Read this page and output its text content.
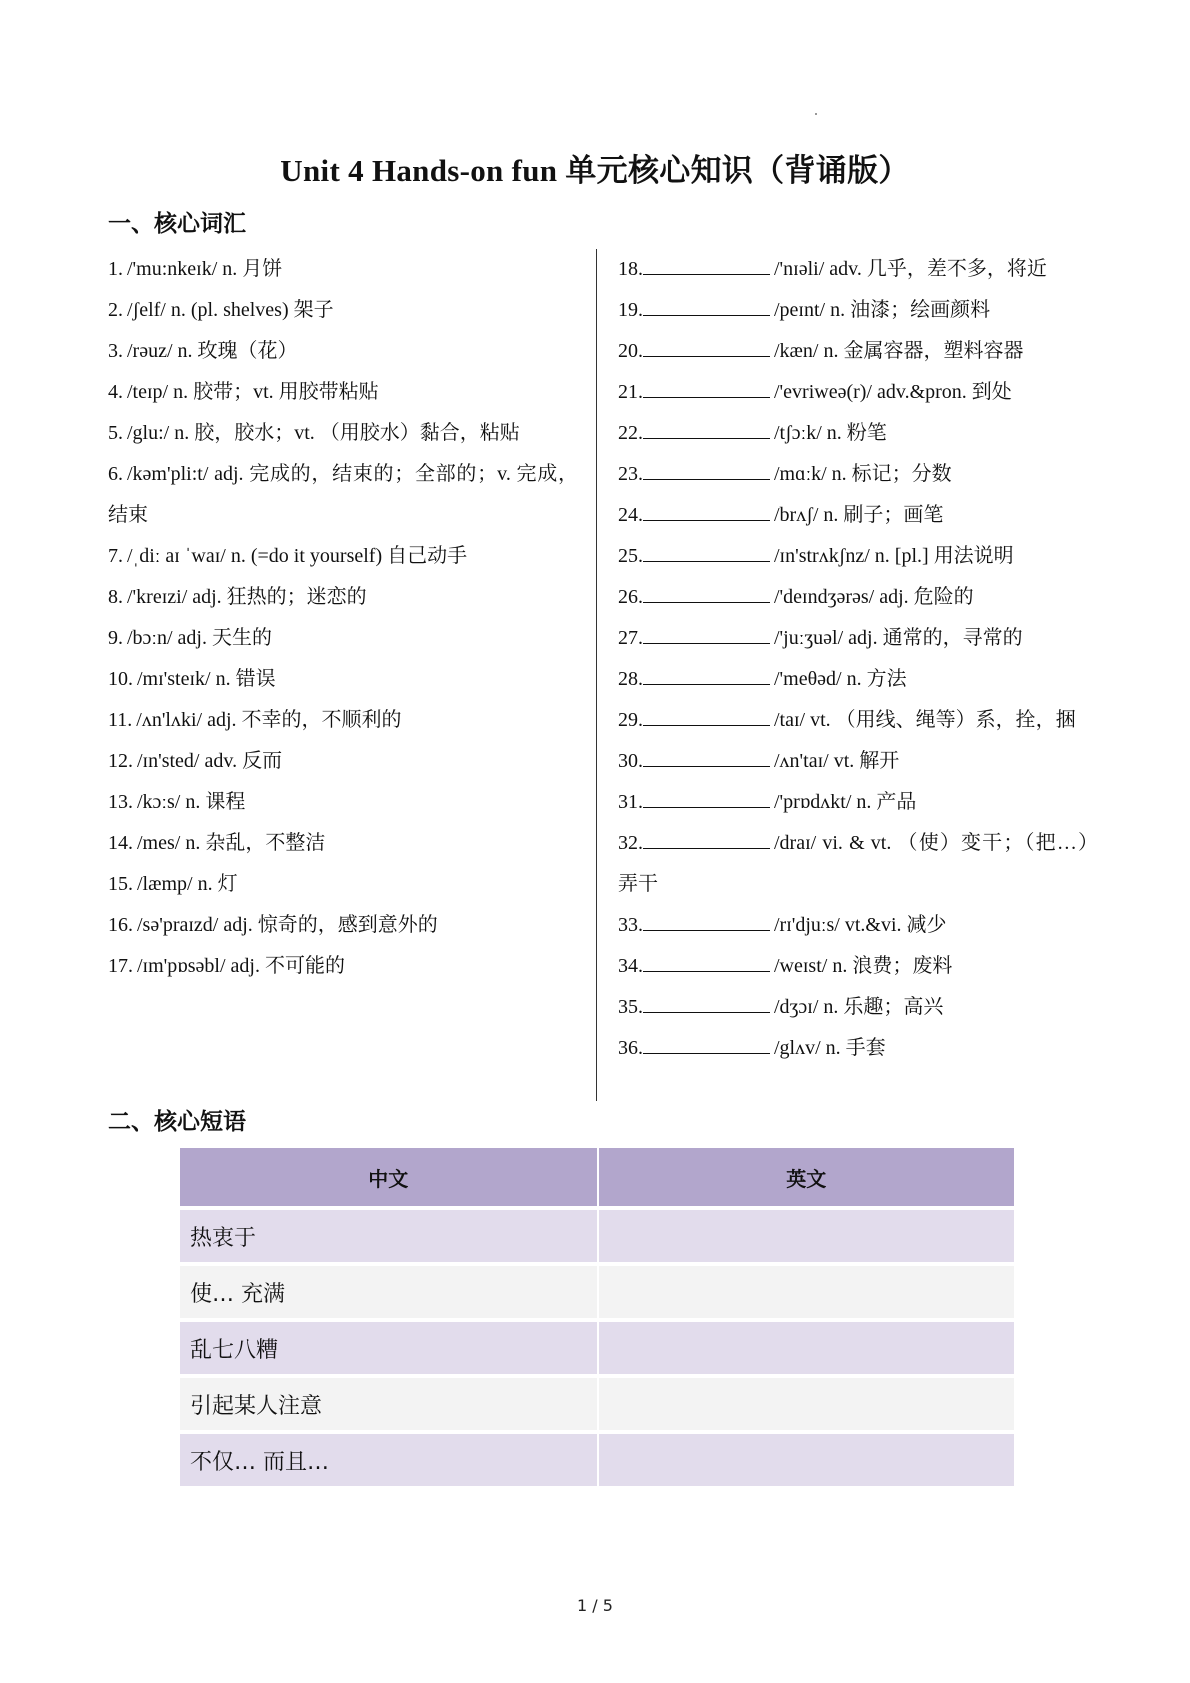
Unit 4 Hands-on fun 单元核心知识（背诵版）
一、核心词汇
1. /'mu:nkeɪk/ n. 月饼
2. /ʃelf/ n. (pl. shelves) 架子
3. /rəuz/ n. 玫瑰（花）
4. /teɪp/ n. 胶带；vt. 用胶带粘贴
5. /glu:/ n. 胶，胶水；vt. （用胶水）黏合，粘贴
6. /kəm'pli:t/ adj. 完成的，结束的；全部的；v. 完成，结束
7. /ˌdiː aɪ ˈwaɪ/ n. (=do it yourself) 自己动手
8. /'kreɪzi/ adj. 狂热的；迷恋的
9. /bɔːn/ adj. 天生的
10. /mɪ'steɪk/ n. 错误
11. /ʌn'lʌki/ adj. 不幸的，不顺利的
12. /ɪn'sted/ adv. 反而
13. /kɔːs/ n. 课程
14. /mes/ n. 杂乱，不整洁
15. /læmp/ n. 灯
16. /sə'praɪzd/ adj. 惊奇的，感到意外的
17. /ɪm'pɒsəbl/ adj. 不可能的
18.	/'nɪəli/ adv. 几乎，差不多，将近
19.	/peɪnt/ n. 油漆；绘画颜料
20.	/kæn/ n. 金属容器，塑料容器
21.	/'evriweə(r)/ adv.&pron. 到处
22.	/tʃɔːk/ n. 粉笔
23.	/mɑːk/ n. 标记；分数
24.	/brʌʃ/ n. 刷子；画笔
25.	/ɪn'strʌkʃnz/ n. [pl.] 用法说明
26.	/'deɪndʒərəs/ adj. 危险的
27.	/'juːʒuəl/ adj. 通常的，寻常的
28.	/'meθəd/ n. 方法
29.	/taɪ/ vt. （用线、绳等）系，拴，捆
30.	/ʌn'taɪ/ vt. 解开
31.	/'prɒdʌkt/ n. 产品
32.	/draɪ/ vi. & vt. （使）变干；（把…）弄干
33.	/rɪ'djuːs/ vt.&vi. 减少
34.	/weɪst/ n. 浪费；废料
35.	/dʒɔɪ/ n. 乐趣；高兴
36.	/glʌv/ n. 手套
二、核心短语
中文	英文
热衷于	
使… 充满	
乱七八糟	
引起某人注意	
不仅… 而且…	
1 / 5
